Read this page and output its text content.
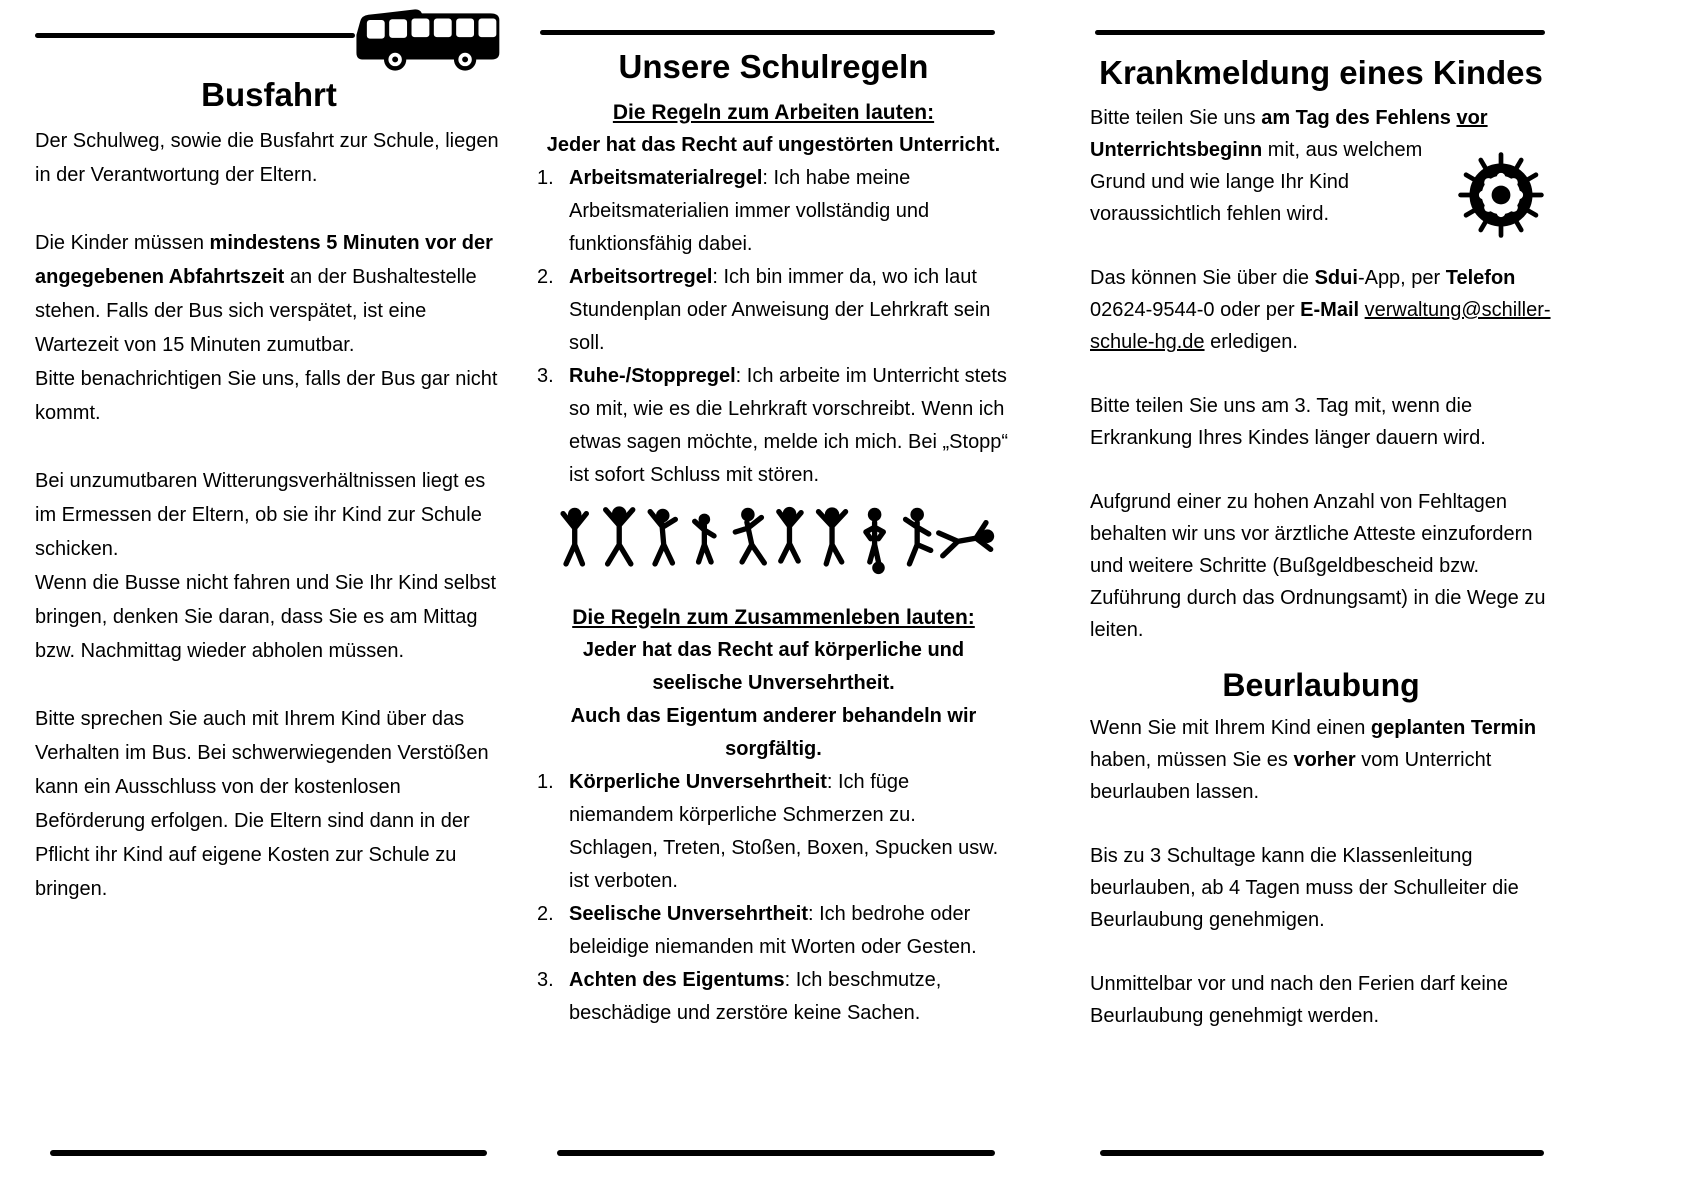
Busfahrt
Der Schulweg, sowie die Busfahrt zur Schule, liegen in der Verantwortung der Eltern.
Die Kinder müssen mindestens 5 Minuten vor der angegebenen Abfahrtszeit an der Bushaltestelle stehen. Falls der Bus sich verspätet, ist eine Wartezeit von 15 Minuten zumutbar.
Bitte benachrichtigen Sie uns, falls der Bus gar nicht kommt.
Bei unzumutbaren Witterungsverhältnissen liegt es im Ermessen der Eltern, ob sie ihr Kind zur Schule schicken.
Wenn die Busse nicht fahren und Sie Ihr Kind selbst bringen, denken Sie daran, dass Sie es am Mittag bzw. Nachmittag wieder abholen müssen.
Bitte sprechen Sie auch mit Ihrem Kind über das Verhalten im Bus. Bei schwerwiegenden Verstößen kann ein Ausschluss von der kostenlosen Beförderung erfolgen. Die Eltern sind dann in der Pflicht ihr Kind auf eigene Kosten zur Schule zu bringen.
Unsere Schulregeln
Die Regeln zum Arbeiten lauten:
Jeder hat das Recht auf ungestörten Unterricht.
1. Arbeitsmaterialregel: Ich habe meine Arbeitsmaterialien immer vollständig und funktionsfähig dabei.
2. Arbeitsortregel: Ich bin immer da, wo ich laut Stundenplan oder Anweisung der Lehrkraft sein soll.
3. Ruhe-/Stoppregel: Ich arbeite im Unterricht stets so mit, wie es die Lehrkraft vorschreibt. Wenn ich etwas sagen möchte, melde ich mich. Bei „Stopp“ ist sofort Schluss mit stören.
Die Regeln zum Zusammenleben lauten:
Jeder hat das Recht auf körperliche und seelische Unversehrtheit.
Auch das Eigentum anderer behandeln wir sorgfältig.
1. Körperliche Unversehrtheit: Ich füge niemandem körperliche Schmerzen zu. Schlagen, Treten, Stoßen, Boxen, Spucken usw. ist verboten.
2. Seelische Unversehrtheit: Ich bedrohe oder beleidige niemanden mit Worten oder Gesten.
3. Achten des Eigentums: Ich beschmutze, beschädige und zerstöre keine Sachen.
Krankmeldung eines Kindes
Bitte teilen Sie uns am Tag des Fehlens vor Unterrichtsbeginn mit, aus welchem Grund und wie lange Ihr Kind voraussichtlich fehlen wird.
Das können Sie über die Sdui-App, per Telefon 02624-9544-0 oder per E-Mail verwaltung@schiller-schule-hg.de erledigen.
Bitte teilen Sie uns am 3. Tag mit, wenn die Erkrankung Ihres Kindes länger dauern wird.
Aufgrund einer zu hohen Anzahl von Fehltagen behalten wir uns vor ärztliche Atteste einzufordern und weitere Schritte (Bußgeldbescheid bzw. Zuführung durch das Ordnungsamt) in die Wege zu leiten.
Beurlaubung
Wenn Sie mit Ihrem Kind einen geplanten Termin haben, müssen Sie es vorher vom Unterricht beurlauben lassen.
Bis zu 3 Schultage kann die Klassenleitung beurlauben, ab 4 Tagen muss der Schulleiter die Beurlaubung genehmigen.
Unmittelbar vor und nach den Ferien darf keine Beurlaubung genehmigt werden.
